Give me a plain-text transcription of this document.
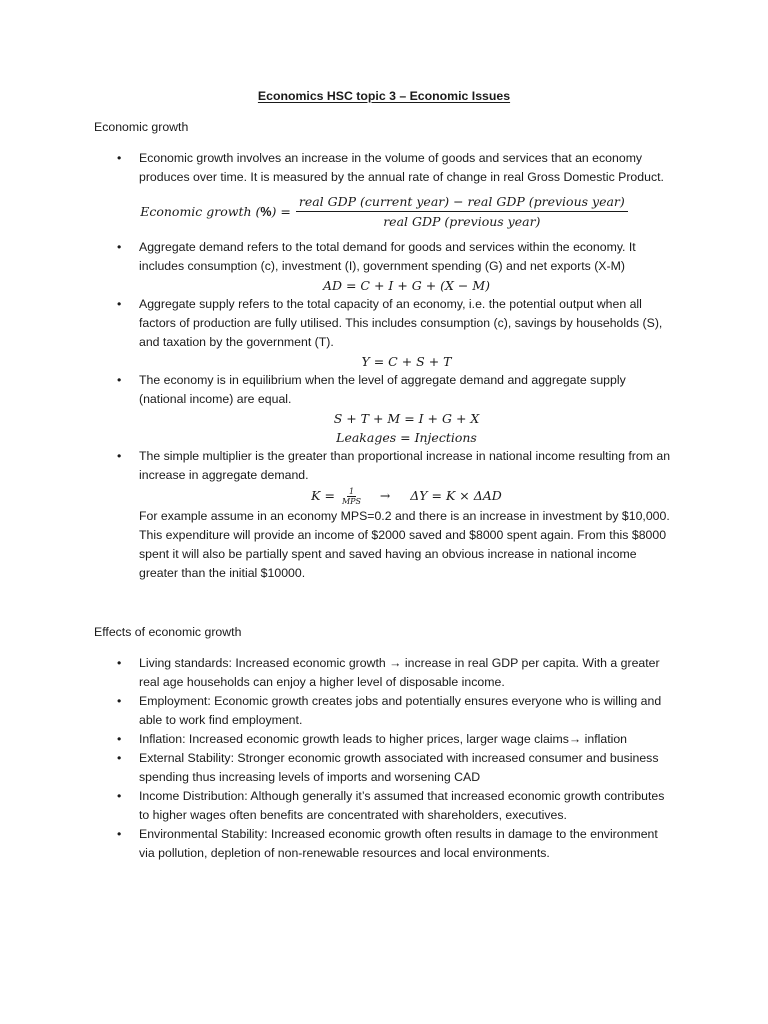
Economics HSC topic 3 – Economic Issues
Economic growth
• Economic growth involves an increase in the volume of goods and services that an economy produces over time. It is measured by the annual rate of change in real Gross Domestic Product.
Economic growth (%) = $\frac{\text{real GDP (current year) − real GDP (previous year)}}{\text{real GDP (previous year)}}$
• Aggregate demand refers to the total demand for goods and services within the economy. It includes consumption (c), investment (I), government spending (G) and net exports (X-M)
AD = C + I + G + (X − M)
• Aggregate supply refers to the total capacity of an economy, i.e. the potential output when all factors of production are fully utilised. This includes consumption (c), savings by households (S), and taxation by the government (T).
Y = C + S + T
• The economy is in equilibrium when the level of aggregate demand and aggregate supply (national income) are equal.
S + T + M = I + G + X
Leakages = Injections
• The simple multiplier is the greater than proportional increase in national income resulting from an increase in aggregate demand.
$K = \frac{1}{\text{MPS}} \to \Delta Y = K \times \Delta AD$
For example assume in an economy MPS=0.2 and there is an increase in investment by $10,000. This expenditure will provide an income of $2000 saved and $8000 spent again. From this $8000 spent it will also be partially spent and saved having an obvious increase in national income greater than the initial $10000.
Effects of economic growth
• Living standards: Increased economic growth → increase in real GDP per capita. With a greater real age households can enjoy a higher level of disposable income.
• Employment: Economic growth creates jobs and potentially ensures everyone who is willing and able to work find employment.
• Inflation: Increased economic growth leads to higher prices, larger wage claims→ inflation
• External Stability: Stronger economic growth associated with increased consumer and business spending thus increasing levels of imports and worsening CAD
• Income Distribution: Although generally it’s assumed that increased economic growth contributes to higher wages often benefits are concentrated with shareholders, executives.
• Environmental Stability: Increased economic growth often results in damage to the environment via pollution, depletion of non-renewable resources and local environments.
